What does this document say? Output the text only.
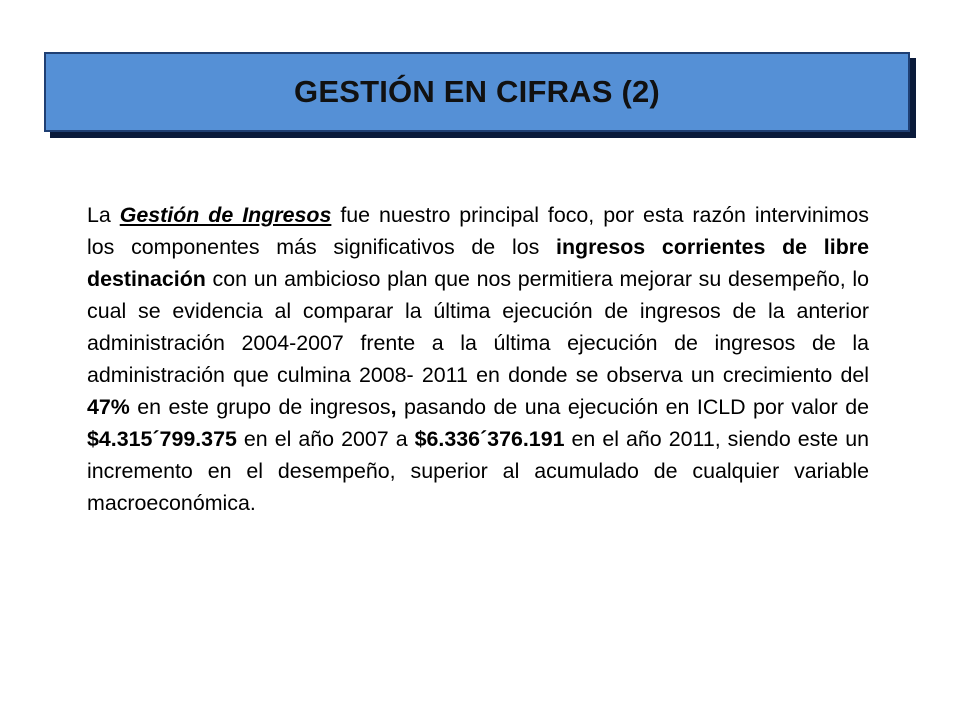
GESTIÓN EN CIFRAS (2)

La Gestión de Ingresos fue nuestro principal foco, por esta razón intervinimos los componentes más significativos de los ingresos corrientes de libre destinación con un ambicioso plan que nos permitiera mejorar su desempeño, lo cual se evidencia al comparar la última ejecución de ingresos de la anterior administración 2004-2007 frente a la última ejecución de ingresos de la administración que culmina 2008- 2011 en donde se observa un crecimiento del 47% en este grupo de ingresos, pasando de una ejecución en ICLD por valor de $4.315´799.375 en el año 2007 a $6.336´376.191 en el año 2011, siendo este un incremento en el desempeño, superior al acumulado de cualquier variable macroeconómica.
